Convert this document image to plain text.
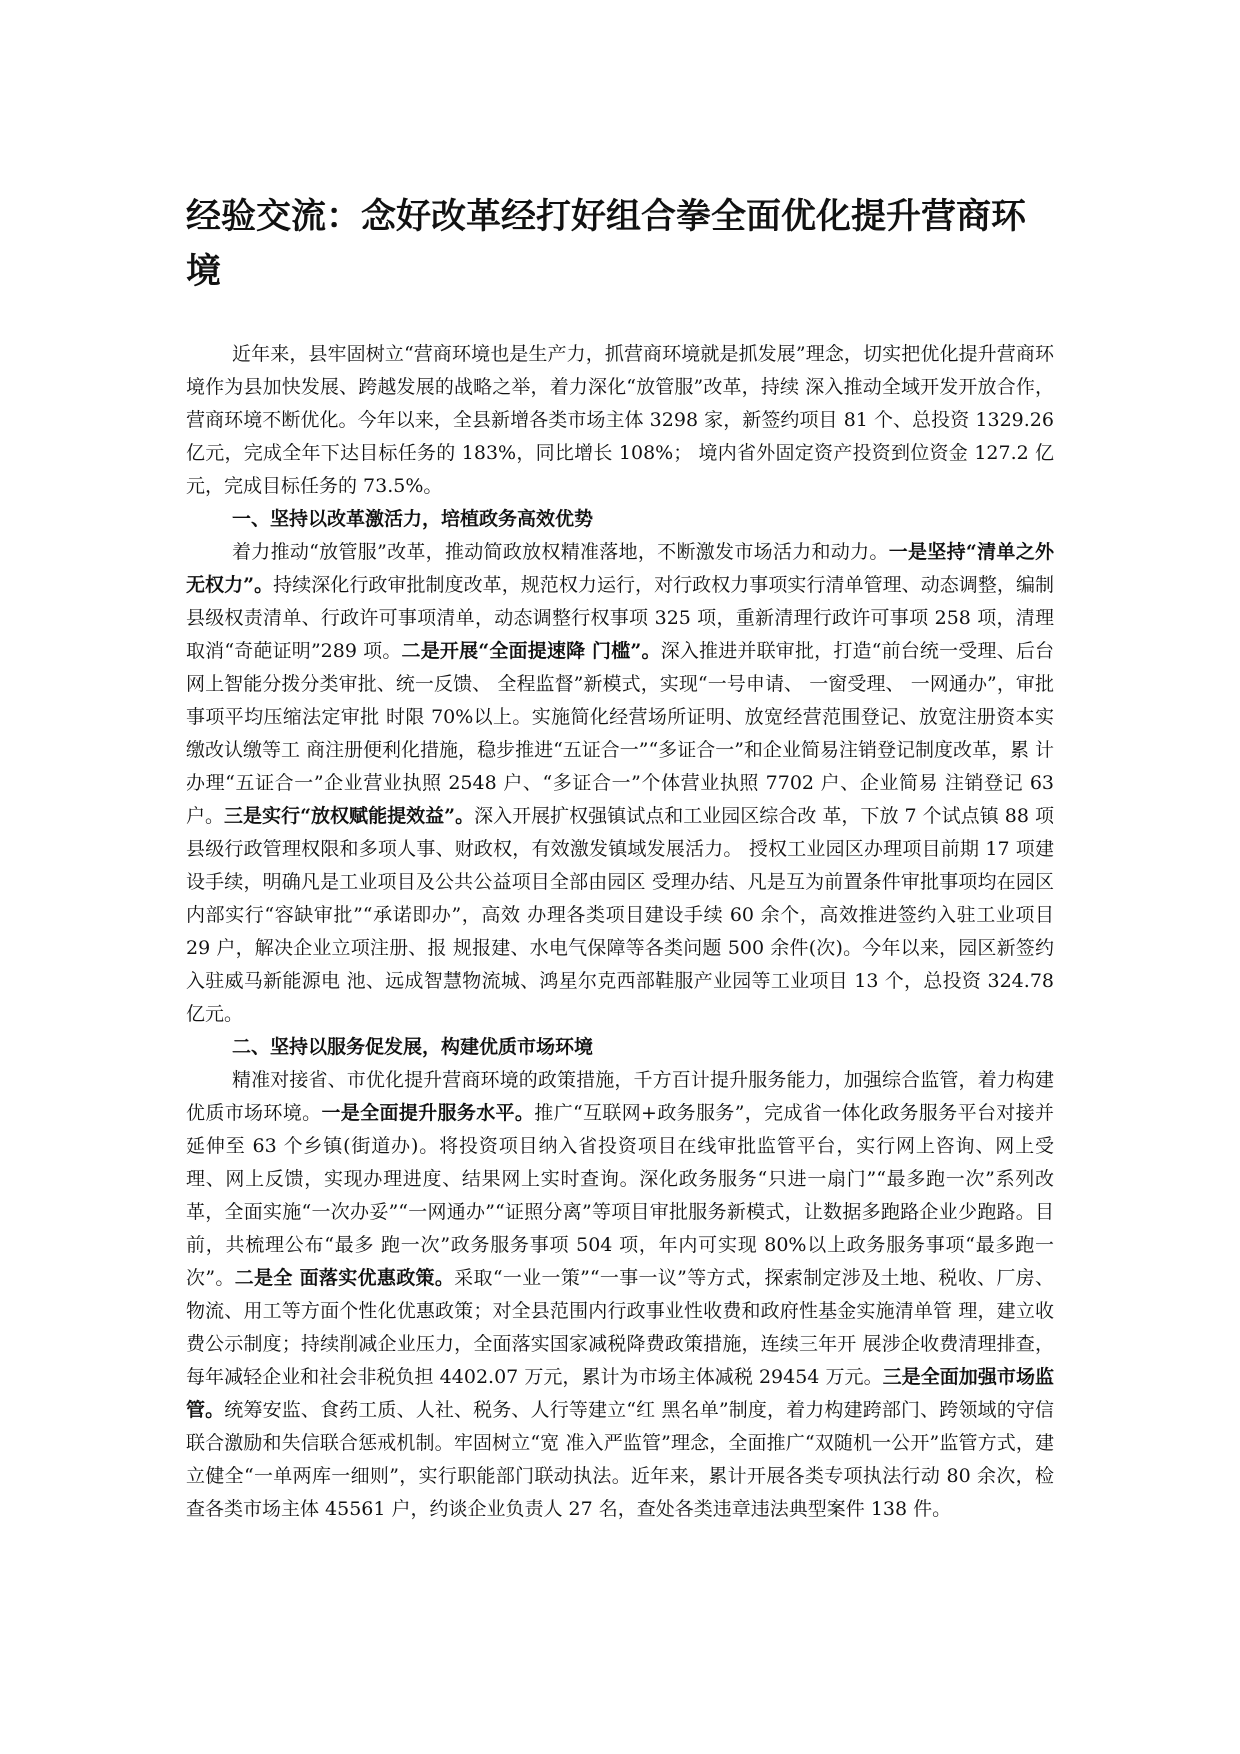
经验交流：念好改革经打好组合拳全面优化提升营商环境

近年来，县牢固树立“营商环境也是生产力，抓营商环境就是抓发展”理念，切实把优化提升营商环境作为县加快发展、跨越发展的战略之举，着力深化“放管服”改革，持续 深入推动全域开发开放合作，营商环境不断优化。今年以来，全县新增各类市场主体 3298 家，新签约项目 81 个、总投资 1329.26 亿元，完成全年下达目标任务的 183%，同比增长 108%； 境内省外固定资产投资到位资金 127.2 亿元，完成目标任务的 73.5%。

一、坚持以改革激活力，培植政务高效优势

着力推动“放管服”改革，推动简政放权精准落地，不断激发市场活力和动力。一是坚持“清单之外无权力”。持续深化行政审批制度改革，规范权力运行，对行政权力事项实行清单管理、动态调整，编制县级权责清单、行政许可事项清单，动态调整行权事项 325 项，重新清理行政许可事项 258 项，清理取消“奇葩证明”289 项。二是开展“全面提速降 门槛”。深入推进并联审批，打造“前台统一受理、后台网上智能分拨分类审批、统一反馈、 全程监督”新模式，实现“一号申请、 一窗受理、 一网通办”，审批事项平均压缩法定审批 时限 70%以上。实施简化经营场所证明、放宽经营范围登记、放宽注册资本实缴改认缴等工 商注册便利化措施，稳步推进“五证合一”“多证合一”和企业简易注销登记制度改革，累 计办理“五证合一”企业营业执照 2548 户、“多证合一”个体营业执照 7702 户、企业简易 注销登记 63 户。三是实行“放权赋能提效益”。深入开展扩权强镇试点和工业园区综合改 革，下放 7 个试点镇 88 项县级行政管理权限和多项人事、财政权，有效激发镇域发展活力。 授权工业园区办理项目前期 17 项建设手续，明确凡是工业项目及公共公益项目全部由园区 受理办结、凡是互为前置条件审批事项均在园区内部实行“容缺审批”“承诺即办”，高效 办理各类项目建设手续 60 余个，高效推进签约入驻工业项目 29 户，解决企业立项注册、报 规报建、水电气保障等各类问题 500 余件(次)。今年以来，园区新签约入驻威马新能源电 池、远成智慧物流城、鸿星尔克西部鞋服产业园等工业项目 13 个，总投资 324.78 亿元。

二、坚持以服务促发展，构建优质市场环境

精准对接省、市优化提升营商环境的政策措施，千方百计提升服务能力，加强综合监管，着力构建优质市场环境。一是全面提升服务水平。推广“互联网+政务服务”，完成省一体化政务服务平台对接并延伸至 63 个乡镇(街道办)。将投资项目纳入省投资项目在线审批监管平台，实行网上咨询、网上受理、网上反馈，实现办理进度、结果网上实时查询。深化政务服务“只进一扇门”“最多跑一次”系列改革，全面实施“一次办妥”“一网通办”“证照分离”等项目审批服务新模式，让数据多跑路企业少跑路。目前，共梳理公布“最多 跑一次”政务服务事项 504 项，年内可实现 80%以上政务服务事项“最多跑一次”。二是全 面落实优惠政策。采取“一业一策”“一事一议”等方式，探索制定涉及土地、税收、厂房、 物流、用工等方面个性化优惠政策；对全县范围内行政事业性收费和政府性基金实施清单管 理，建立收费公示制度；持续削减企业压力，全面落实国家减税降费政策措施，连续三年开 展涉企收费清理排查，每年减轻企业和社会非税负担 4402.07 万元，累计为市场主体减税 29454 万元。三是全面加强市场监管。统筹安监、食药工质、人社、税务、人行等建立“红 黑名单”制度，着力构建跨部门、跨领域的守信联合激励和失信联合惩戒机制。牢固树立“宽 准入严监管”理念，全面推广“双随机一公开”监管方式，建立健全“一单两库一细则”，实行职能部门联动执法。近年来，累计开展各类专项执法行动 80 余次，检查各类市场主体 45561 户，约谈企业负责人 27 名，查处各类违章违法典型案件 138 件。
